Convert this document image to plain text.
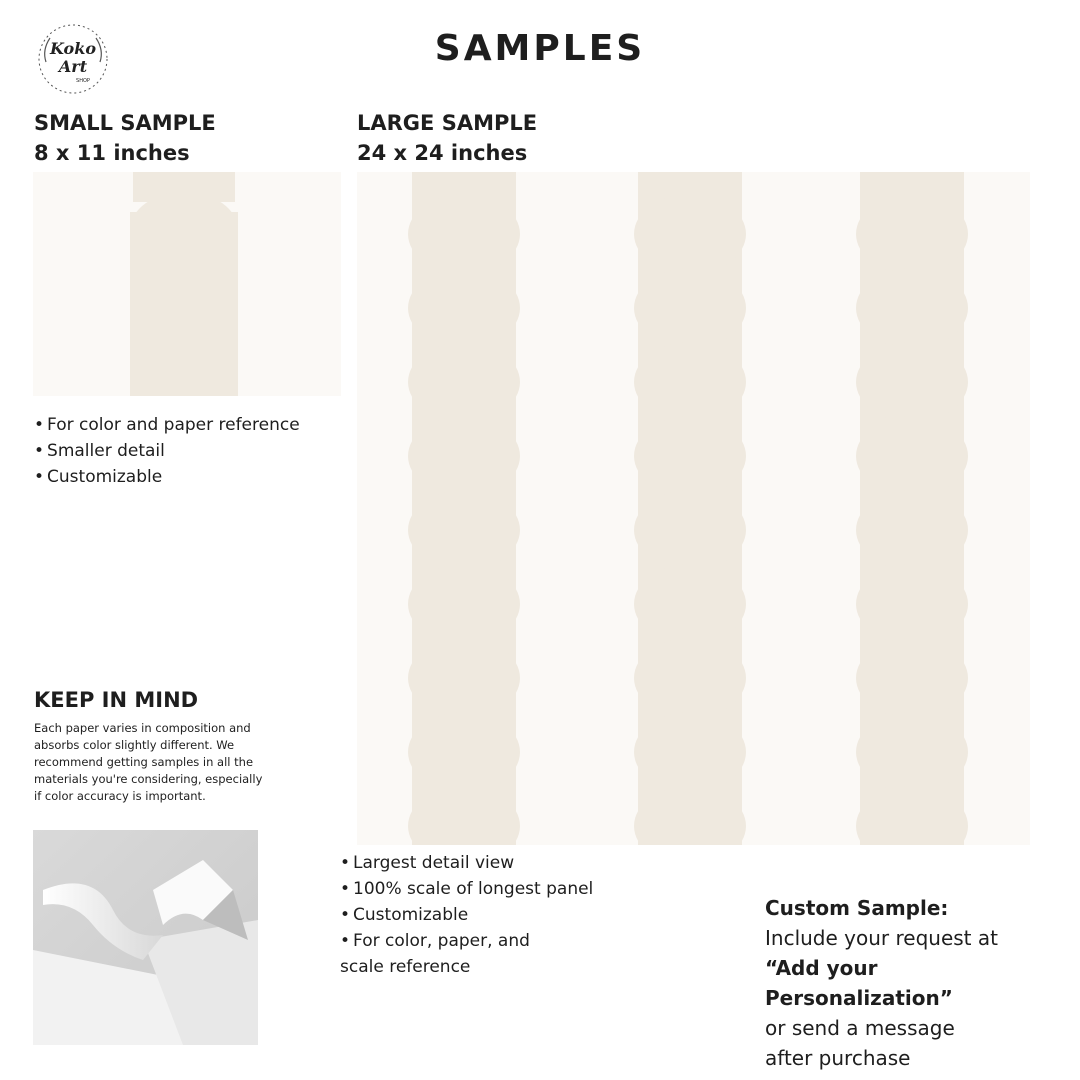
SAMPLES
Koko
Art
SHOP
SMALL SAMPLE
8 x 11 inches
LARGE SAMPLE
24 x 24 inches
• For color and paper reference
• Smaller detail
• Customizable
• Largest detail view
• 100% scale of longest panel
• Customizable
• For color, paper, and
scale reference
KEEP IN MIND
Each paper varies in composition and absorbs color slightly different. We recommend getting samples in all the materials you're considering, especially if color accuracy is important.
Custom Sample:
Include your request at
“Add your Personalization”
or send a message
after purchase
